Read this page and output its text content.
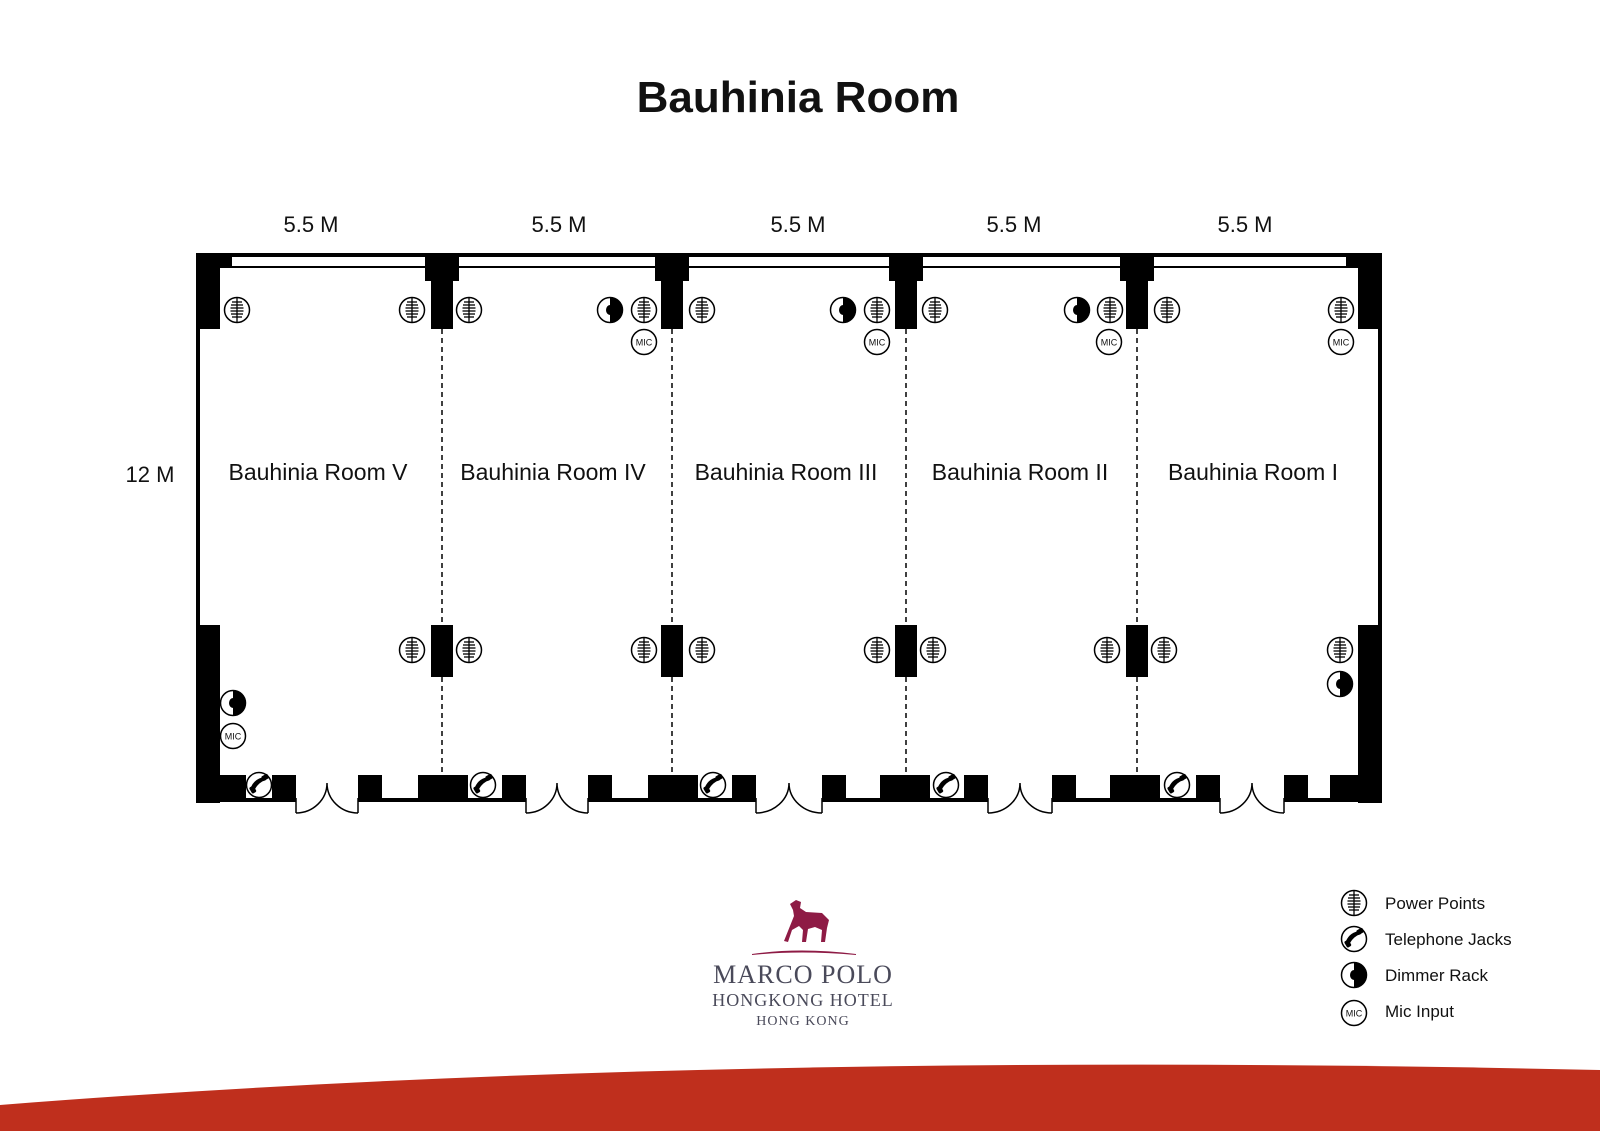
Bauhinia Room
5.5 M	5.5 M	5.5 M	5.5 M	5.5 M
12 M Bauhinia Room V Bauhinia Room IV Bauhinia Room III Bauhinia Room II	Bauhinia Room I
MIC	MIC	MIC	MIC
MIC
MARCO POLO
HONGKONG HOTEL
HONG KONG
Power Points
Telephone Jacks
Dimmer Rack
MIC Mic Input
